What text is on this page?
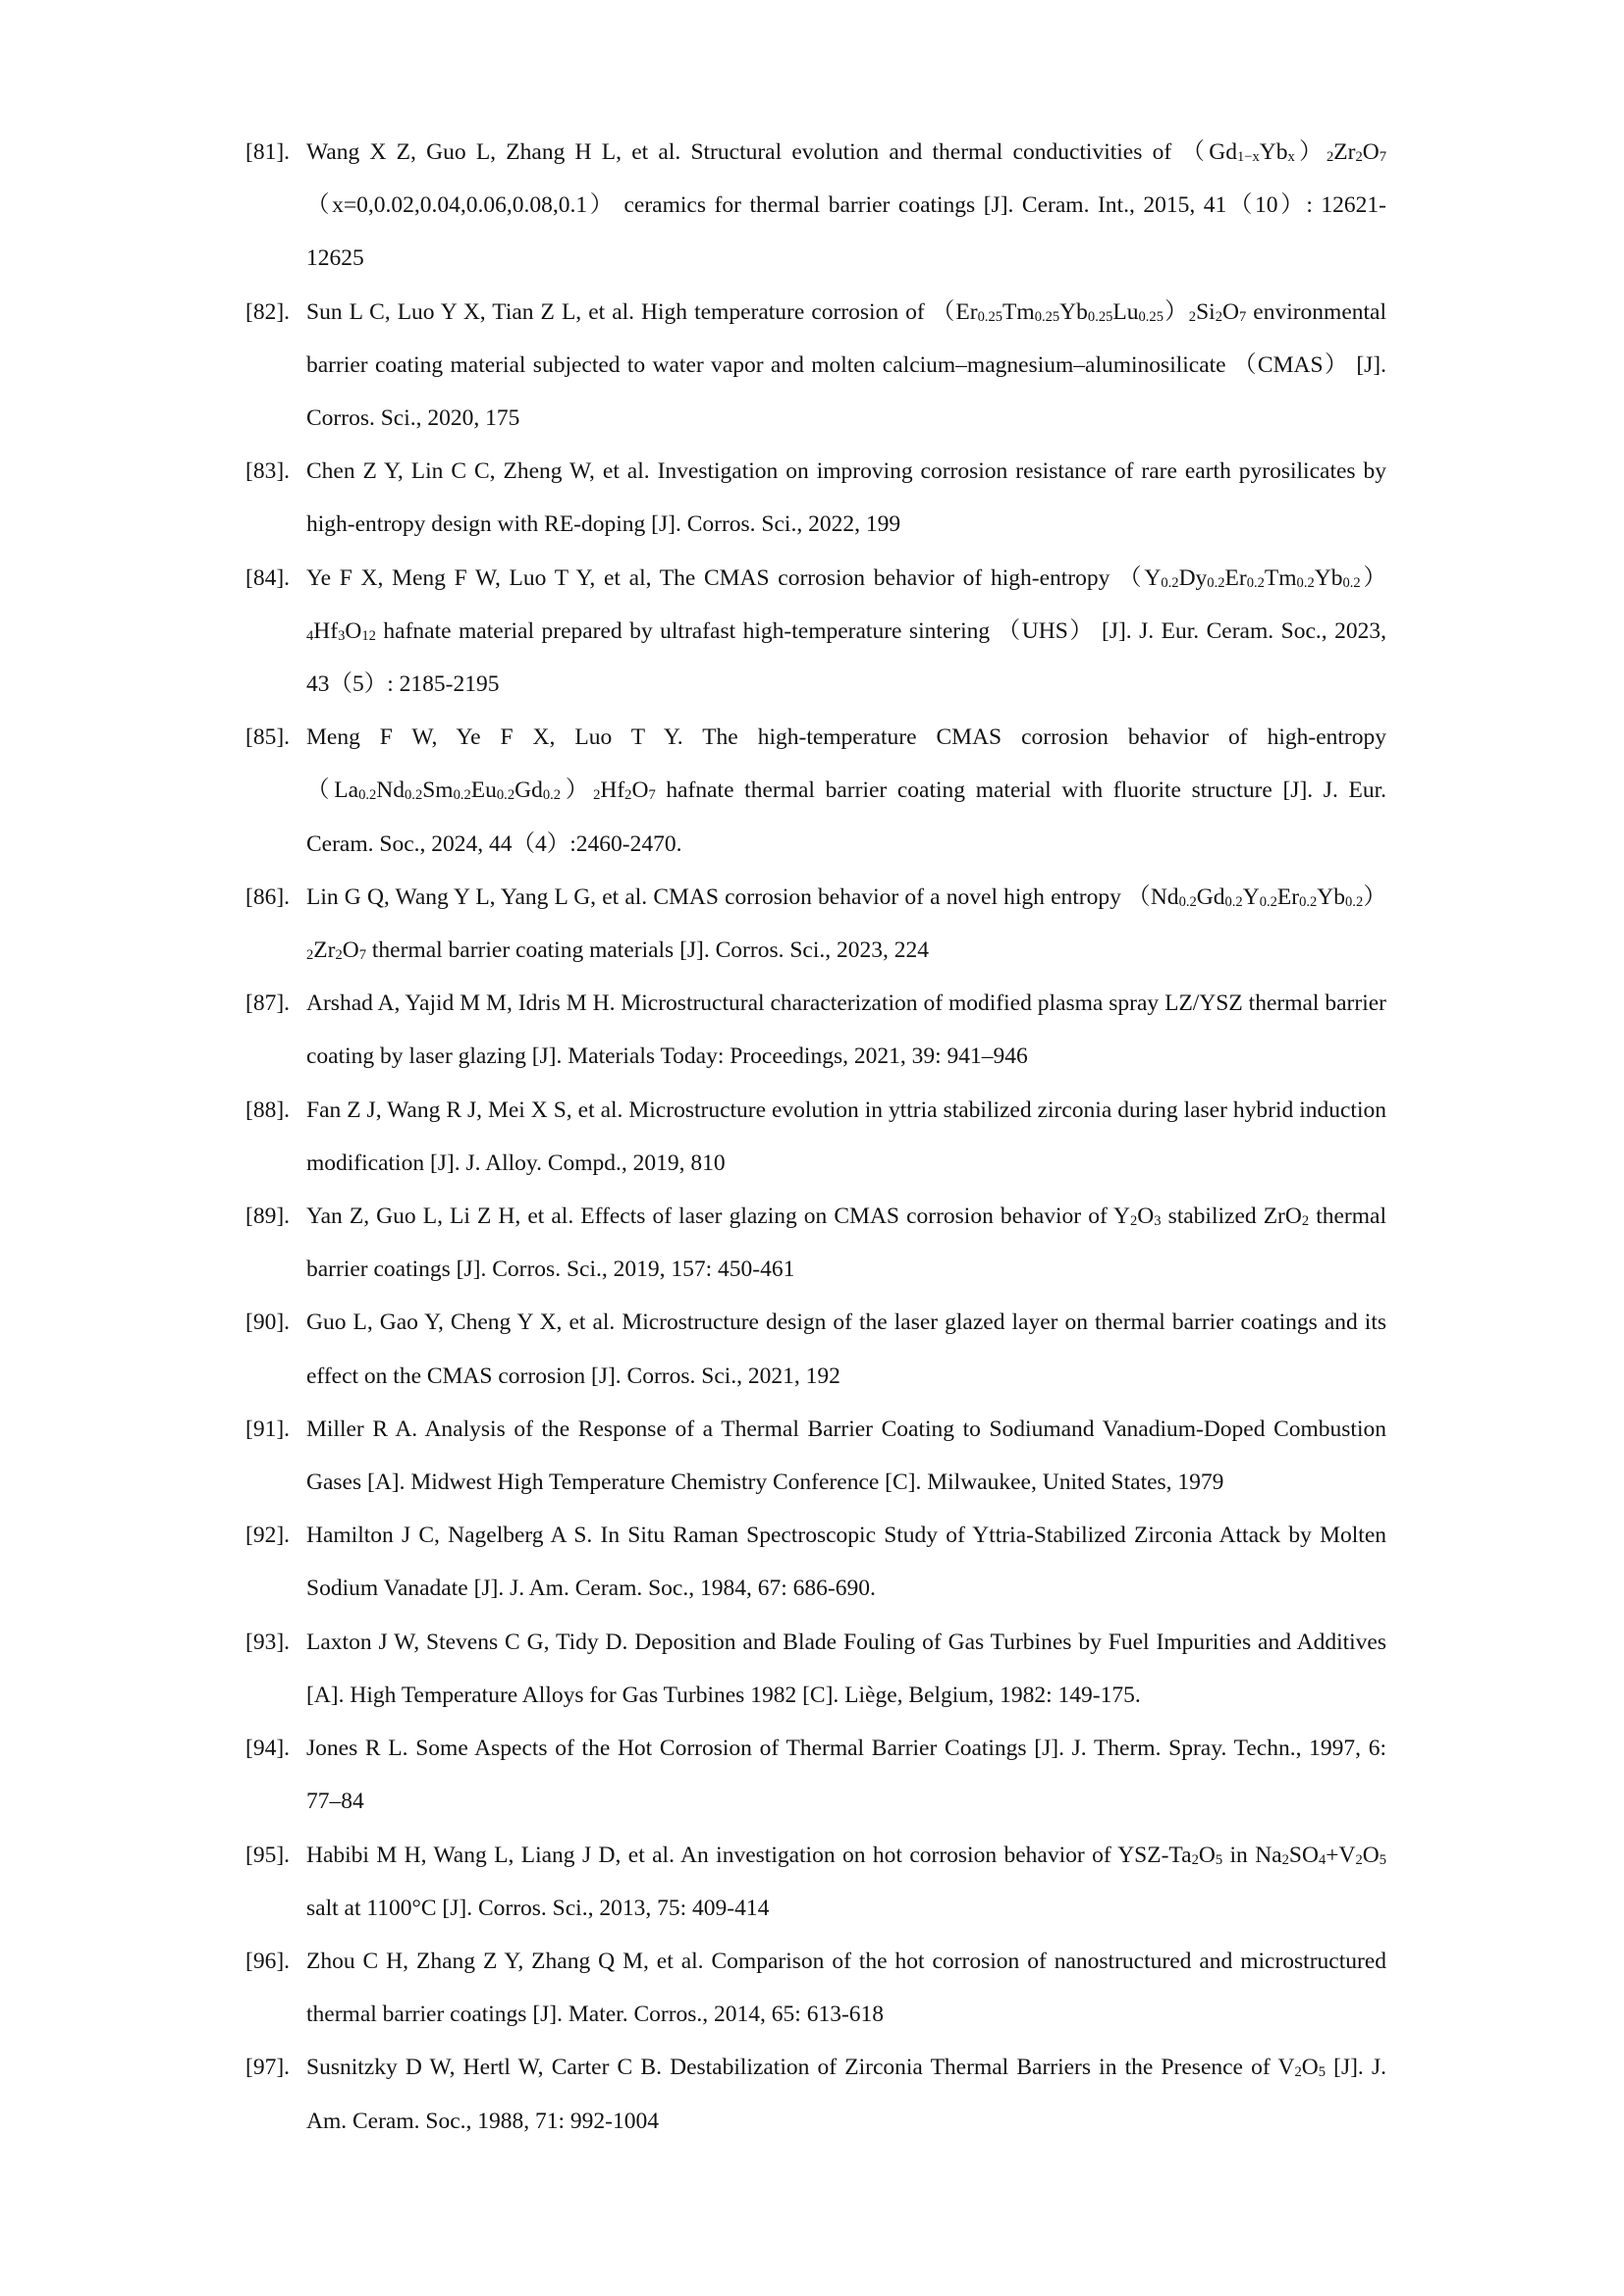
[81]. Wang X Z, Guo L, Zhang H L, et al. Structural evolution and thermal conductivities of $(Gd_{1-x}Yb_x)_2Zr_2O_7$ （x=0,0.02,0.04,0.06,0.08,0.1） ceramics for thermal barrier coatings [J]. Ceram. Int., 2015, 41（10）: 12621-12625
[82]. Sun L C, Luo Y X, Tian Z L, et al. High temperature corrosion of $(Er_{0.25}Tm_{0.25}Yb_{0.25}Lu_{0.25})_2Si_2O_7$ environmental barrier coating material subjected to water vapor and molten calcium–magnesium–aluminosilicate （CMAS） [J]. Corros. Sci., 2020, 175
[83]. Chen Z Y, Lin C C, Zheng W, et al. Investigation on improving corrosion resistance of rare earth pyrosilicates by high-entropy design with RE-doping [J]. Corros. Sci., 2022, 199
[84]. Ye F X, Meng F W, Luo T Y, et al, The CMAS corrosion behavior of high-entropy $(Y_{0.2}Dy_{0.2}Er_{0.2}Tm_{0.2}Yb_{0.2})_4Hf_3O_{12}$ hafnate material prepared by ultrafast high-temperature sintering （UHS） [J]. J. Eur. Ceram. Soc., 2023, 43（5）: 2185-2195
[85]. Meng F W, Ye F X, Luo T Y. The high-temperature CMAS corrosion behavior of high-entropy $(La_{0.2}Nd_{0.2}Sm_{0.2}Eu_{0.2}Gd_{0.2})_2Hf_2O_7$ hafnate thermal barrier coating material with fluorite structure [J]. J. Eur. Ceram. Soc., 2024, 44（4）:2460-2470.
[86]. Lin G Q, Wang Y L, Yang L G, et al. CMAS corrosion behavior of a novel high entropy $(Nd_{0.2}Gd_{0.2}Y_{0.2}Er_{0.2}Yb_{0.2})_2Zr_2O_7$ thermal barrier coating materials [J]. Corros. Sci., 2023, 224
[87]. Arshad A, Yajid M M, Idris M H. Microstructural characterization of modified plasma spray LZ/YSZ thermal barrier coating by laser glazing [J]. Materials Today: Proceedings, 2021, 39: 941–946
[88]. Fan Z J, Wang R J, Mei X S, et al. Microstructure evolution in yttria stabilized zirconia during laser hybrid induction modification [J]. J. Alloy. Compd., 2019, 810
[89]. Yan Z, Guo L, Li Z H, et al. Effects of laser glazing on CMAS corrosion behavior of $Y_2O_3$ stabilized ZrO$_2$ thermal barrier coatings [J]. Corros. Sci., 2019, 157: 450-461
[90]. Guo L, Gao Y, Cheng Y X, et al. Microstructure design of the laser glazed layer on thermal barrier coatings and its effect on the CMAS corrosion [J]. Corros. Sci., 2021, 192
[91]. Miller R A. Analysis of the Response of a Thermal Barrier Coating to Sodiumand Vanadium-Doped Combustion Gases [A]. Midwest High Temperature Chemistry Conference [C]. Milwaukee, United States, 1979
[92]. Hamilton J C, Nagelberg A S. In Situ Raman Spectroscopic Study of Yttria-Stabilized Zirconia Attack by Molten Sodium Vanadate [J]. J. Am. Ceram. Soc., 1984, 67: 686-690.
[93]. Laxton J W, Stevens C G, Tidy D. Deposition and Blade Fouling of Gas Turbines by Fuel Impurities and Additives [A]. High Temperature Alloys for Gas Turbines 1982 [C]. Liège, Belgium, 1982: 149-175.
[94]. Jones R L. Some Aspects of the Hot Corrosion of Thermal Barrier Coatings [J]. J. Therm. Spray. Techn., 1997, 6: 77–84
[95]. Habibi M H, Wang L, Liang J D, et al. An investigation on hot corrosion behavior of YSZ-$Ta_2O_5$ in $Na_2SO_4+V_2O_5$ salt at 1100°C [J]. Corros. Sci., 2013, 75: 409-414
[96]. Zhou C H, Zhang Z Y, Zhang Q M, et al. Comparison of the hot corrosion of nanostructured and microstructured thermal barrier coatings [J]. Mater. Corros., 2014, 65: 613-618
[97]. Susnitzky D W, Hertl W, Carter C B. Destabilization of Zirconia Thermal Barriers in the Presence of $V_2O_5$ [J]. J. Am. Ceram. Soc., 1988, 71: 992-1004
